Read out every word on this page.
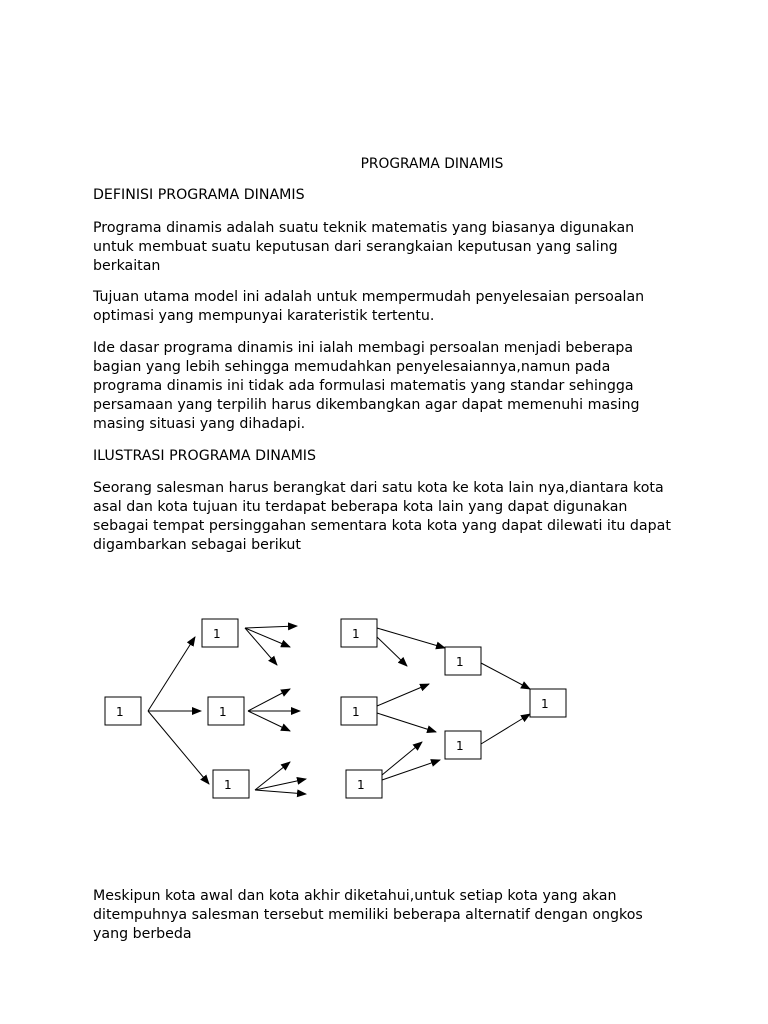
PROGRAMA DINAMIS
DEFINISI PROGRAMA DINAMIS
Programa dinamis adalah suatu teknik matematis yang biasanya digunakan
untuk membuat suatu keputusan dari serangkaian keputusan yang saling
berkaitan
Tujuan utama model ini adalah untuk mempermudah penyelesaian persoalan
optimasi yang mempunyai karateristik tertentu.
Ide dasar programa dinamis ini ialah membagi persoalan menjadi beberapa
bagian yang lebih sehingga memudahkan penyelesaiannya,namun pada
programa dinamis ini tidak ada formulasi matematis yang standar sehingga
persamaan yang terpilih harus dikembangkan agar dapat memenuhi masing
masing situasi yang dihadapi.
ILUSTRASI PROGRAMA DINAMIS
Seorang salesman harus berangkat dari satu kota ke kota lain nya,diantara kota
asal dan kota tujuan itu terdapat beberapa kota lain yang dapat digunakan
sebagai tempat persinggahan sementara kota kota yang dapat dilewati itu dapat
digambarkan sebagai berikut
1
1
1
1
1
1
1
1
1
1
Meskipun kota awal dan kota akhir diketahui,untuk setiap kota yang akan
ditempuhnya salesman tersebut memiliki beberapa alternatif dengan ongkos
yang berbeda
